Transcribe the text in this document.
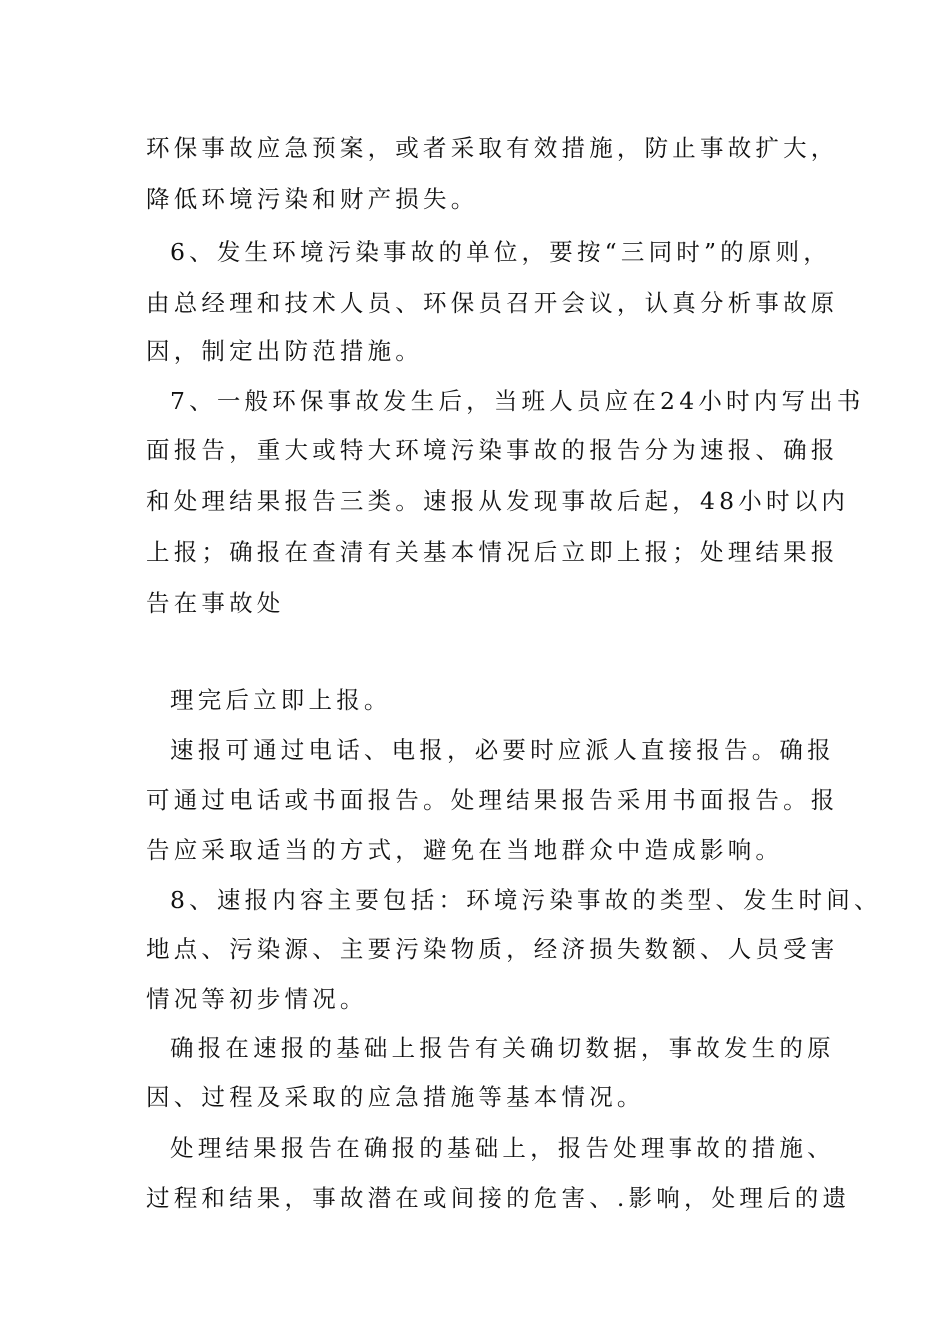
环保事故应急预案，或者采取有效措施，防止事故扩大，
降低环境污染和财产损失。
6、发生环境污染事故的单位，要按“三同时”的原则，
由总经理和技术人员、环保员召开会议，认真分析事故原
因，制定出防范措施。
7、一般环保事故发生后，当班人员应在24小时内写出书
面报告，重大或特大环境污染事故的报告分为速报、确报
和处理结果报告三类。速报从发现事故后起，48小时以内
上报；确报在查清有关基本情况后立即上报；处理结果报
告在事故处
理完后立即上报。
速报可通过电话、电报，必要时应派人直接报告。确报
可通过电话或书面报告。处理结果报告采用书面报告。报
告应采取适当的方式，避免在当地群众中造成影响。
8、速报内容主要包括：环境污染事故的类型、发生时间、
地点、污染源、主要污染物质，经济损失数额、人员受害
情况等初步情况。
确报在速报的基础上报告有关确切数据，事故发生的原
因、过程及采取的应急措施等基本情况。
处理结果报告在确报的基础上，报告处理事故的措施、
过程和结果，事故潜在或间接的危害、.影响，处理后的遗
